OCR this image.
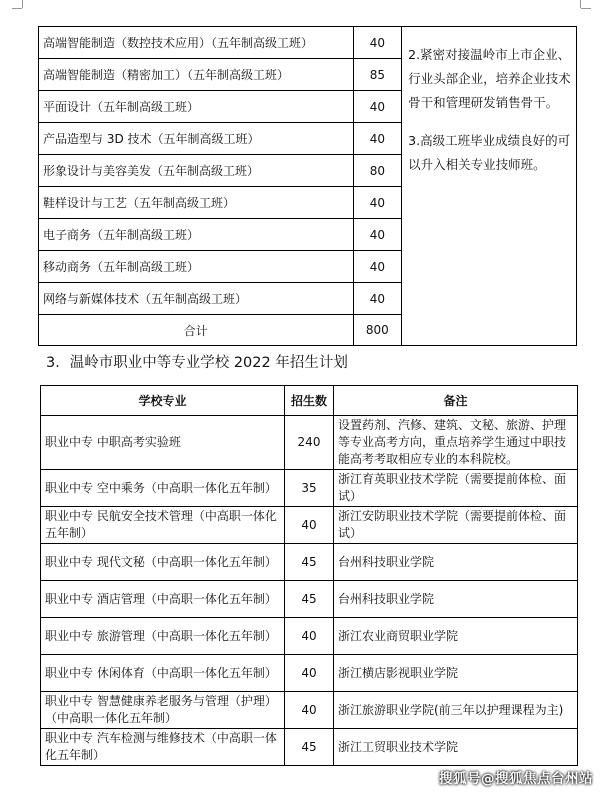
高端智能制造（数控技术应用）（五年制高级工班）	40	2.紧密对接温岭市上市企业、行业头部企业，培养企业技术骨干和管理研发销售骨干。

3.高级工班毕业成绩良好的可以升入相关专业技师班。

高端智能制造（精密加工）（五年制高级工班）	85	
平面设计（五年制高级工班）	40	
产品造型与 3D 技术（五年制高级工班）	40	
形象设计与美容美发（五年制高级工班）	80	
鞋样设计与工艺（五年制高级工班）	40	
电子商务（五年制高级工班）	40	
移动商务（五年制高级工班）	40	
网络与新媒体技术（五年制高级工班）	40	
合计	800	
3．温岭市职业中等专业学校 2022 年招生计划
学校专业	招生数	备注
职业中专 中职高考实验班	240	设置药剂、汽修、建筑、文秘、旅游、护理等专业高考方向，重点培养学生通过中职技能高考考取相应专业的本科院校。
职业中专 空中乘务（中高职一体化五年制）	35	浙江育英职业技术学院（需要提前体检、面试）
职业中专 民航安全技术管理（中高职一体化五年制）	40	浙江安防职业技术学院（需要提前体检、面试）
职业中专 现代文秘（中高职一体化五年制）	45	台州科技职业学院
职业中专 酒店管理（中高职一体化五年制）	45	台州科技职业学院
职业中专 旅游管理（中高职一体化五年制）	40	浙江农业商贸职业学院
职业中专 休闲体育（中高职一体化五年制）	40	浙江横店影视职业学院
职业中专 智慧健康养老服务与管理（护理）（中高职一体化五年制）	40	浙江旅游职业学院(前三年以护理课程为主)
职业中专 汽车检测与维修技术（中高职一体化五年制）	45	浙江工贸职业技术学院
搜狐号@搜狐焦点台州站
